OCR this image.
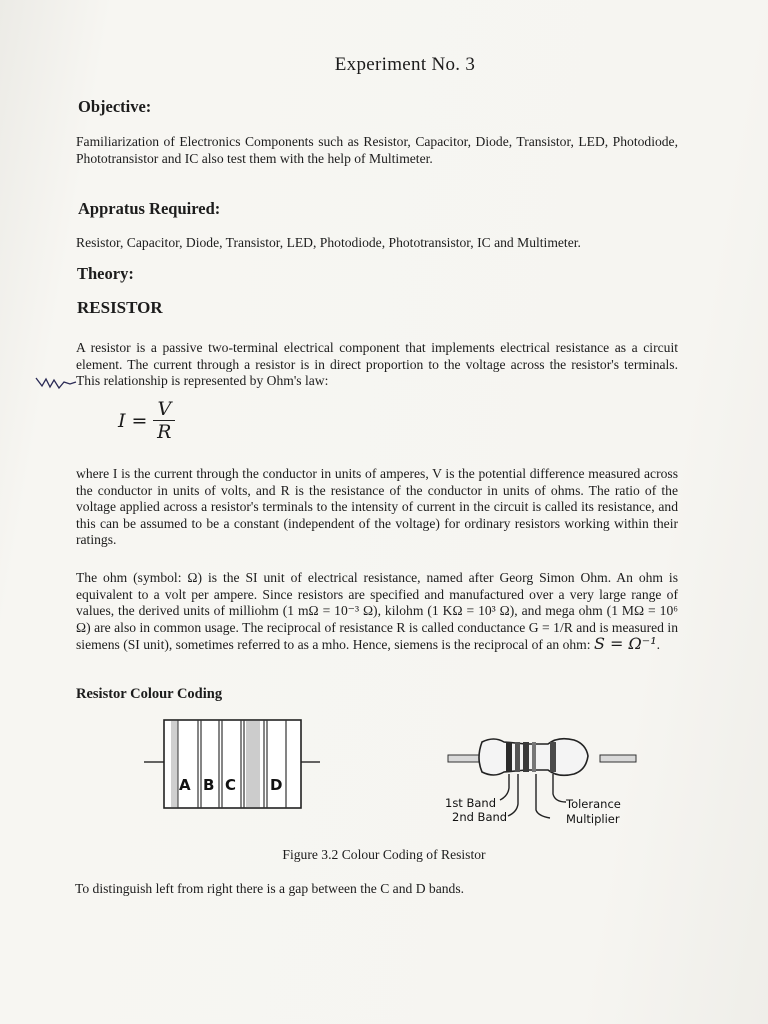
Experiment No. 3
Objective:
Familiarization of Electronics Components such as Resistor, Capacitor, Diode, Transistor, LED, Photodiode, Phototransistor and IC also test them with the help of Multimeter.
Appratus Required:
Resistor, Capacitor, Diode, Transistor, LED, Photodiode, Phototransistor, IC and Multimeter.
Theory:
RESISTOR
A resistor is a passive two-terminal electrical component that implements electrical resistance as a circuit element. The current through a resistor is in direct proportion to the voltage across the resistor's terminals. This relationship is represented by Ohm's law:
$I = \frac{V}{R}$
where I is the current through the conductor in units of amperes, V is the potential difference measured across the conductor in units of volts, and R is the resistance of the conductor in units of ohms. The ratio of the voltage applied across a resistor's terminals to the intensity of current in the circuit is called its resistance, and this can be assumed to be a constant (independent of the voltage) for ordinary resistors working within their ratings.
The ohm (symbol: Ω) is the SI unit of electrical resistance, named after Georg Simon Ohm. An ohm is equivalent to a volt per ampere. Since resistors are specified and manufactured over a very large range of values, the derived units of milliohm (1 mΩ = 10⁻³ Ω), kilohm (1 KΩ = 10³ Ω), and mega ohm (1 MΩ = 10⁶ Ω) are also in common usage. The reciprocal of resistance R is called conductance G = 1/R and is measured in siemens (SI unit), sometimes referred to as a mho. Hence, siemens is the reciprocal of an ohm: S = Ω⁻¹.
Resistor Colour Coding
A B C D
1st Band
2nd Band
Tolerance
Multiplier
Figure 3.2 Colour Coding of Resistor
To distinguish left from right there is a gap between the C and D bands.
